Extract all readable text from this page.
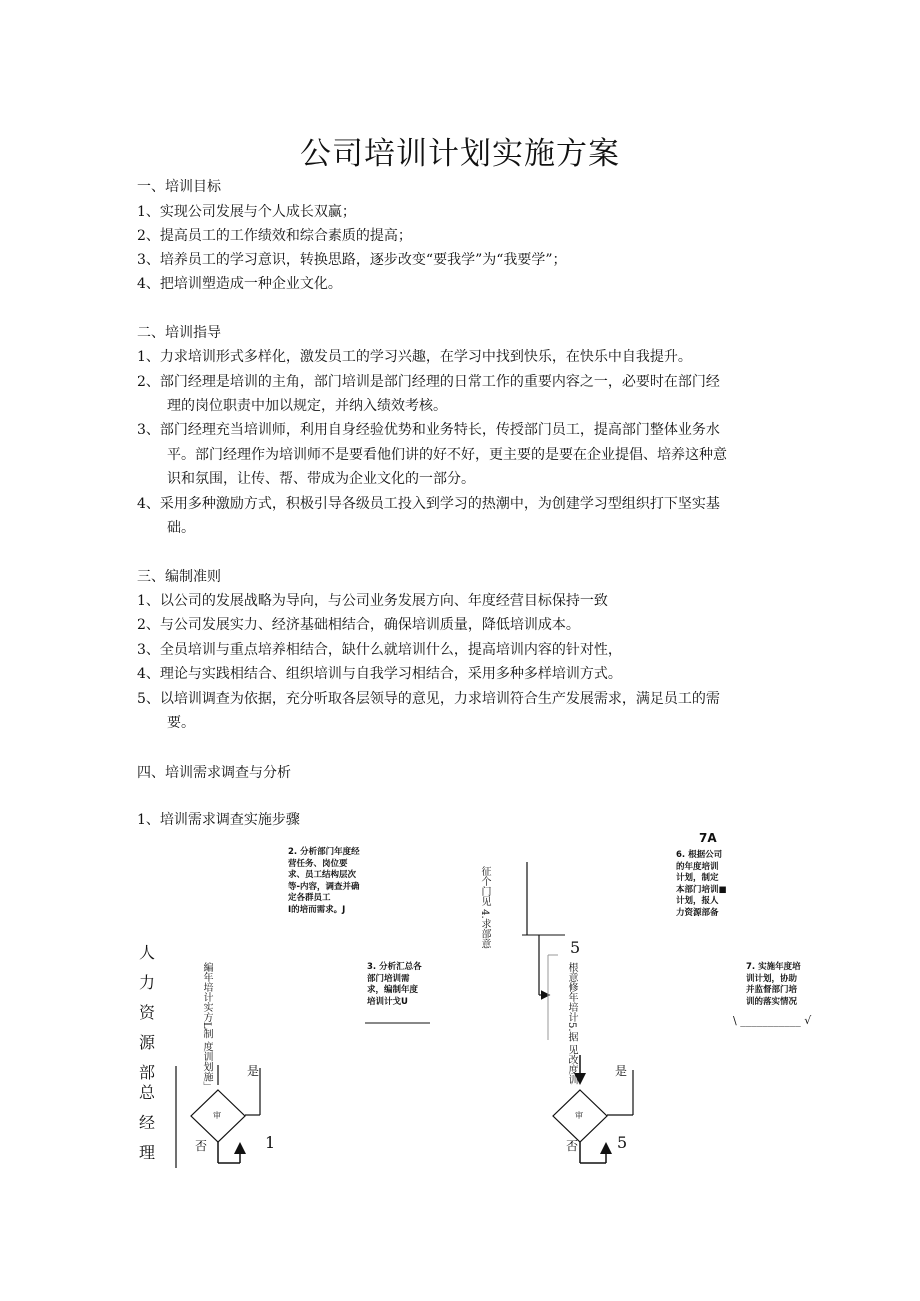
公司培训计划实施方案
一、培训目标
1、实现公司发展与个人成长双赢；
2、提高员工的工作绩效和综合素质的提高；
3、培养员工的学习意识，转换思路，逐步改变“要我学”为“我要学”；
4、把培训塑造成一种企业文化。
二、培训指导
1、力求培训形式多样化，激发员工的学习兴趣，在学习中找到快乐，在快乐中自我提升。
2、部门经理是培训的主角，部门培训是部门经理的日常工作的重要内容之一，必要时在部门经
理的岗位职责中加以规定，并纳入绩效考核。
3、部门经理充当培训师，利用自身经验优势和业务特长，传授部门员工，提高部门整体业务水
平。部门经理作为培训师不是要看他们讲的好不好，更主要的是要在企业提倡、培养这种意
识和氛围，让传、帮、带成为企业文化的一部分。
4、采用多种激励方式，积极引导各级员工投入到学习的热潮中，为创建学习型组织打下坚实基
础。
三、编制准则
1、以公司的发展战略为导向，与公司业务发展方向、年度经营目标保持一致
2、与公司发展实力、经济基础相结合，确保培训质量，降低培训成本。
3、全员培训与重点培养相结合，缺什么就培训什么，提高培训内容的针对性，
4、理论与实践相结合、组织培训与自我学习相结合，采用多种多样培训方式。
5、以培训调查为依据，充分听取各层领导的意见，力求培训符合生产发展需求，满足员工的需
要。
四、培训需求调查与分析
1、培训需求调查实施步骤
人
力
资
源
部
总
经
理
2. 分析部门年度经
营任务、岗位要
求、员工结构层次
等-内容，调查并确
定各群员工
I的培而需求。J	征个门见 4.求部意
7A
6. 根据公司
的年度培训
计划，制定
本部门培训■
计划，报人
力资源部备
編年培计实方L制 度训划施」	3. 分析汇总各
部门培训需
求，编制年度
培训计戈U
5
根意修年培计5.据 见改度训	7. 实施年度培
训计划，协助
并监督部门培
训的落实情况
\ ___________ √
是
否
审
1
是
否
审
5
